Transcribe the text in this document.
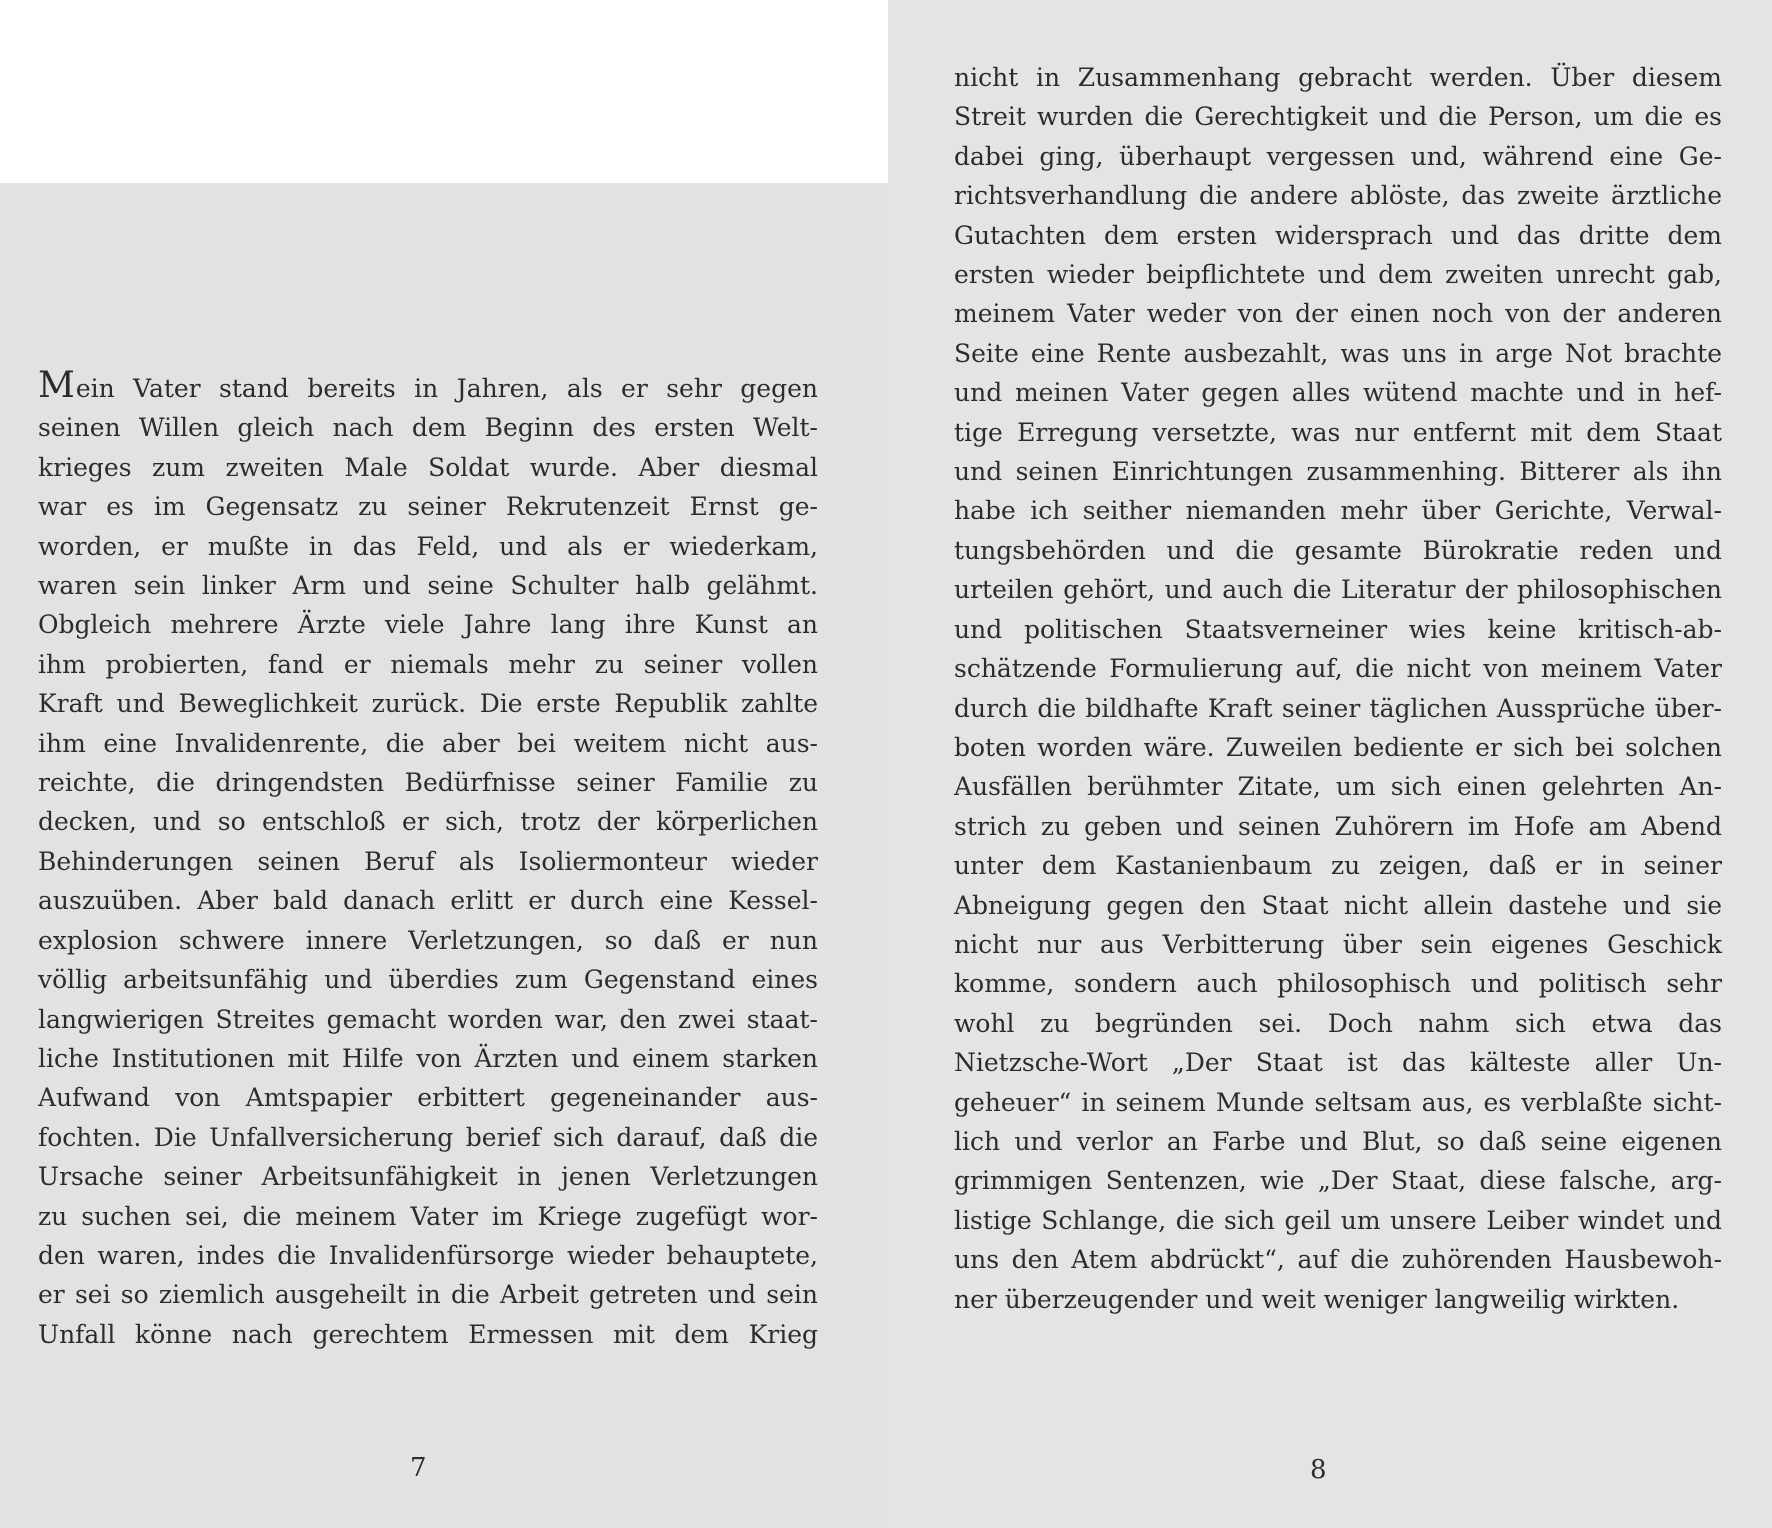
Mein Vater stand bereits in Jahren, als er sehr gegen
seinen Willen gleich nach dem Beginn des ersten Welt-
krieges zum zweiten Male Soldat wurde. Aber diesmal
war es im Gegensatz zu seiner Rekrutenzeit Ernst ge-
worden, er mußte in das Feld, und als er wiederkam,
waren sein linker Arm und seine Schulter halb gelähmt.
Obgleich mehrere Ärzte viele Jahre lang ihre Kunst an
ihm probierten, fand er niemals mehr zu seiner vollen
Kraft und Beweglichkeit zurück. Die erste Republik zahlte
ihm eine Invalidenrente, die aber bei weitem nicht aus-
reichte, die dringendsten Bedürfnisse seiner Familie zu
decken, und so entschloß er sich, trotz der körperlichen
Behinderungen seinen Beruf als Isoliermonteur wieder
auszuüben. Aber bald danach erlitt er durch eine Kessel-
explosion schwere innere Verletzungen, so daß er nun
völlig arbeitsunfähig und überdies zum Gegenstand eines
langwierigen Streites gemacht worden war, den zwei staat-
liche Institutionen mit Hilfe von Ärzten und einem starken
Aufwand von Amtspapier erbittert gegeneinander aus-
fochten. Die Unfallversicherung berief sich darauf, daß die
Ursache seiner Arbeitsunfähigkeit in jenen Verletzungen
zu suchen sei, die meinem Vater im Kriege zugefügt wor-
den waren, indes die Invalidenfürsorge wieder behauptete,
er sei so ziemlich ausgeheilt in die Arbeit getreten und sein
Unfall könne nach gerechtem Ermessen mit dem Krieg
7
nicht in Zusammenhang gebracht werden. Über diesem
Streit wurden die Gerechtigkeit und die Person, um die es
dabei ging, überhaupt vergessen und, während eine Ge-
richtsverhandlung die andere ablöste, das zweite ärztliche
Gutachten dem ersten widersprach und das dritte dem
ersten wieder beipflichtete und dem zweiten unrecht gab,
meinem Vater weder von der einen noch von der anderen
Seite eine Rente ausbezahlt, was uns in arge Not brachte
und meinen Vater gegen alles wütend machte und in hef-
tige Erregung versetzte, was nur entfernt mit dem Staat
und seinen Einrichtungen zusammenhing. Bitterer als ihn
habe ich seither niemanden mehr über Gerichte, Verwal-
tungsbehörden und die gesamte Bürokratie reden und
urteilen gehört, und auch die Literatur der philosophischen
und politischen Staatsverneiner wies keine kritisch-ab-
schätzende Formulierung auf, die nicht von meinem Vater
durch die bildhafte Kraft seiner täglichen Aussprüche über-
boten worden wäre. Zuweilen bediente er sich bei solchen
Ausfällen berühmter Zitate, um sich einen gelehrten An-
strich zu geben und seinen Zuhörern im Hofe am Abend
unter dem Kastanienbaum zu zeigen, daß er in seiner
Abneigung gegen den Staat nicht allein dastehe und sie
nicht nur aus Verbitterung über sein eigenes Geschick
komme, sondern auch philosophisch und politisch sehr
wohl zu begründen sei. Doch nahm sich etwa das
Nietzsche-Wort „Der Staat ist das kälteste aller Un-
geheuer“ in seinem Munde seltsam aus, es verblaßte sicht-
lich und verlor an Farbe und Blut, so daß seine eigenen
grimmigen Sentenzen, wie „Der Staat, diese falsche, arg-
listige Schlange, die sich geil um unsere Leiber windet und
uns den Atem abdrückt“, auf die zuhörenden Hausbewoh-
ner überzeugender und weit weniger langweilig wirkten.
8
